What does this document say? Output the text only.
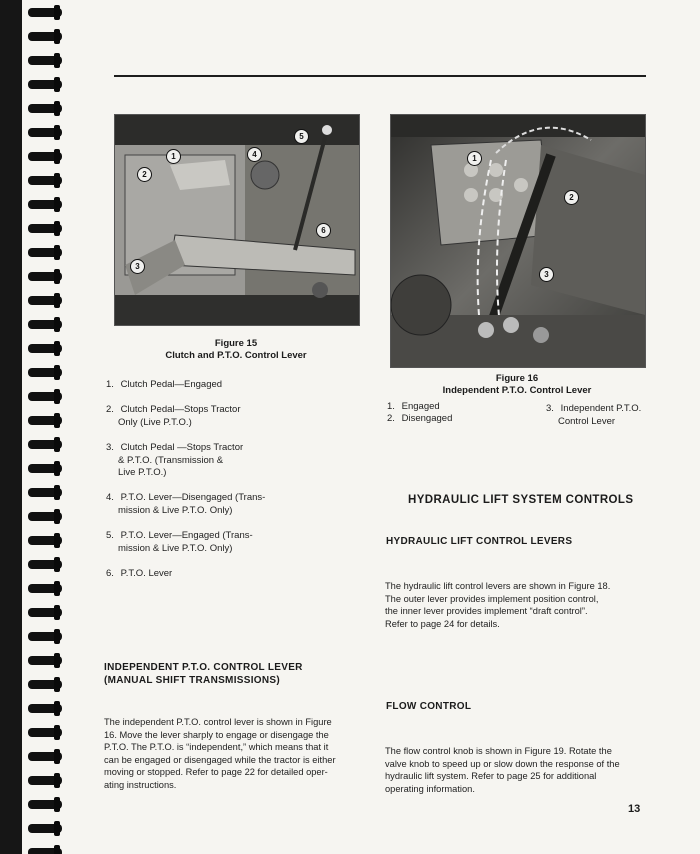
1
2
3
4
5
6
Figure 15
Clutch and P.T.O. Control Lever
1. Clutch Pedal—Engaged
2. Clutch Pedal—Stops Tractor
Only (Live P.T.O.)
3. Clutch Pedal —Stops Tractor
& P.T.O. (Transmission &
Live P.T.O.)
4. P.T.O. Lever—Disengaged (Trans-
mission & Live P.T.O. Only)
5. P.T.O. Lever—Engaged (Trans-
mission & Live P.T.O. Only)
6. P.T.O. Lever
INDEPENDENT P.T.O. CONTROL LEVER
(MANUAL SHIFT TRANSMISSIONS)
The independent P.T.O. control lever is shown in Figure
16. Move the lever sharply to engage or disengage the
P.T.O. The P.T.O. is “independent,” which means that it
can be engaged or disengaged while the tractor is either
moving or stopped. Refer to page 22 for detailed oper-
ating instructions.
1
2
3
Figure 16
Independent P.T.O. Control Lever
1. Engaged
2. Disengaged
3. Independent P.T.O.
Control Lever
HYDRAULIC LIFT SYSTEM CONTROLS
HYDRAULIC LIFT CONTROL LEVERS
The hydraulic lift control levers are shown in Figure 18.
The outer lever provides implement position control,
the inner lever provides implement “draft control”.
Refer to page 24 for details.
FLOW CONTROL
The flow control knob is shown in Figure 19. Rotate the
valve knob to speed up or slow down the response of the
hydraulic lift system. Refer to page 25 for additional
operating information.
13
